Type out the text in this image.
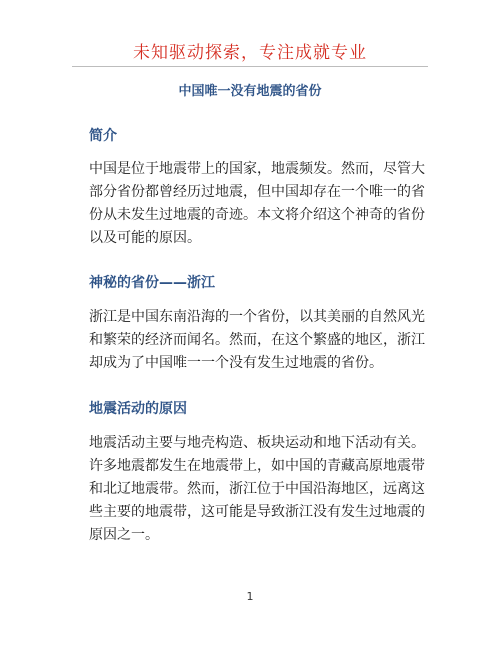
未知驱动探索，专注成就专业
中国唯一没有地震的省份
简介
中国是位于地震带上的国家，地震频发。然而，尽管大部分省份都曾经历过地震，但中国却存在一个唯一的省份从未发生过地震的奇迹。本文将介绍这个神奇的省份以及可能的原因。
神秘的省份——浙江
浙江是中国东南沿海的一个省份，以其美丽的自然风光和繁荣的经济而闻名。然而，在这个繁盛的地区，浙江却成为了中国唯一一个没有发生过地震的省份。
地震活动的原因
地震活动主要与地壳构造、板块运动和地下活动有关。许多地震都发生在地震带上，如中国的青藏高原地震带和北辽地震带。然而，浙江位于中国沿海地区，远离这些主要的地震带，这可能是导致浙江没有发生过地震的原因之一。
1
